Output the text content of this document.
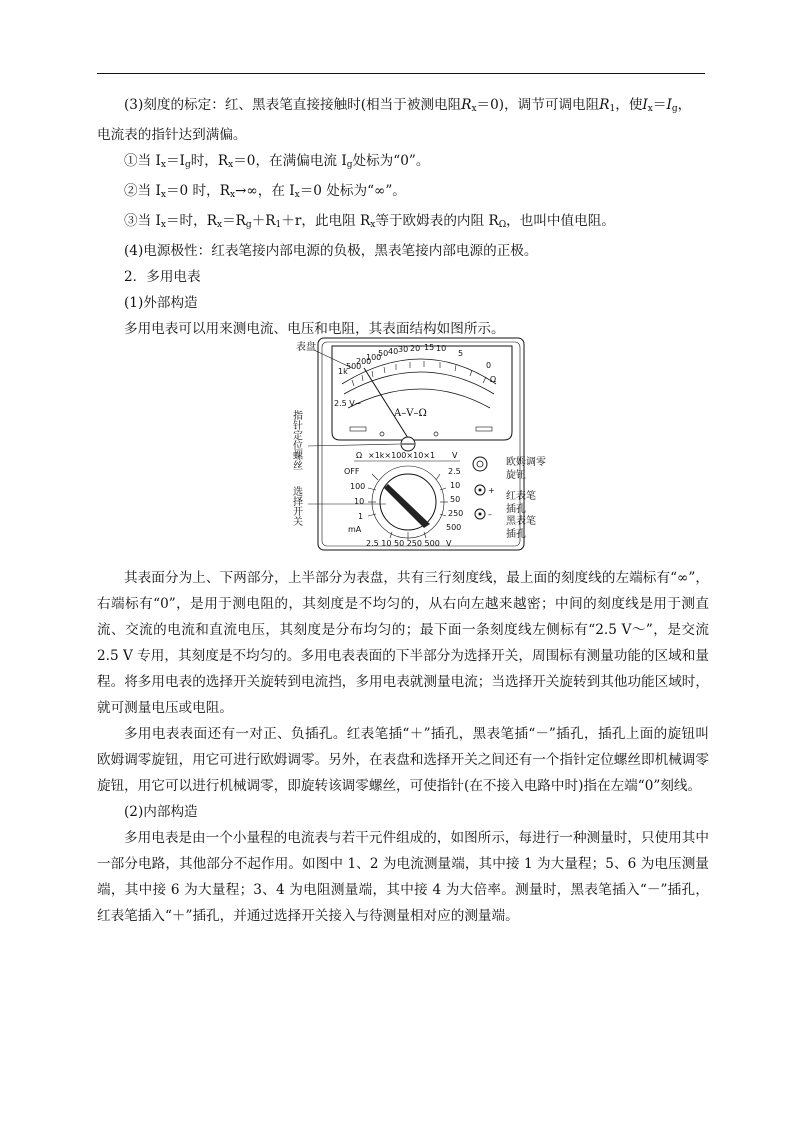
(3)刻度的标定：红、黑表笔直接接触时(相当于被测电阻$R_x=0$)，调节可调电阻$R_1$，使$I_x=I_g$，

电流表的指针达到满偏。

①当 $I_x=I_g$时，$R_x=0$，在满偏电流 $I_g$处标为“0”。

②当 $I_x=0$ 时，$R_x\to\infty$，在 $I_x=0$ 处标为“∞”。

③当 $I_x=$时，$R_x=R_g+R_1+r$，此电阻 $R_x$等于欧姆表的内阻 $R_\Omega$，也叫中值电阻。

(4)电源极性：红表笔接内部电源的负极，黑表笔接内部电源的正极。

2．多用电表

(1)外部构造

多用电表可以用来测电流、电压和电阻，其表面结构如图所示。

1k
500
200
100
50 40 30 20 15 10
5
0
Ω
2.5 V~
A–V–Ω
表盘
指针定位螺丝
选择开关
Ω ×1k×100×10×1 V
OFF
100
10
1
mA
2.5
10
50
250
500
2.5 10 50 250 500 V
+
–
欧姆调零旋钮
红表笔插孔
黑表笔插孔

其表面分为上、下两部分，上半部分为表盘，共有三行刻度线，最上面的刻度线的左端标有“∞”，右端标有“0”，是用于测电阻的，其刻度是不均匀的，从右向左越来越密；中间的刻度线是用于测直流、交流的电流和直流电压，其刻度是分布均匀的；最下面一条刻度线左侧标有“2.5 V～”，是交流 2.5 V 专用，其刻度是不均匀的。多用电表表面的下半部分为选择开关，周围标有测量功能的区域和量程。将多用电表的选择开关旋转到电流挡，多用电表就测量电流；当选择开关旋转到其他功能区域时，就可测量电压或电阻。

多用电表表面还有一对正、负插孔。红表笔插“＋”插孔，黑表笔插“－”插孔，插孔上面的旋钮叫欧姆调零旋钮，用它可进行欧姆调零。另外，在表盘和选择开关之间还有一个指针定位螺丝即机械调零旋钮，用它可以进行机械调零，即旋转该调零螺丝，可使指针(在不接入电路中时)指在左端“0”刻线。

(2)内部构造

多用电表是由一个小量程的电流表与若干元件组成的，如图所示，每进行一种测量时，只使用其中一部分电路，其他部分不起作用。如图中 1、2 为电流测量端，其中接 1 为大量程；5、6 为电压测量端，其中接 6 为大量程；3、4 为电阻测量端，其中接 4 为大倍率。测量时，黑表笔插入“－”插孔，红表笔插入“＋”插孔，并通过选择开关接入与待测量相对应的测量端。
